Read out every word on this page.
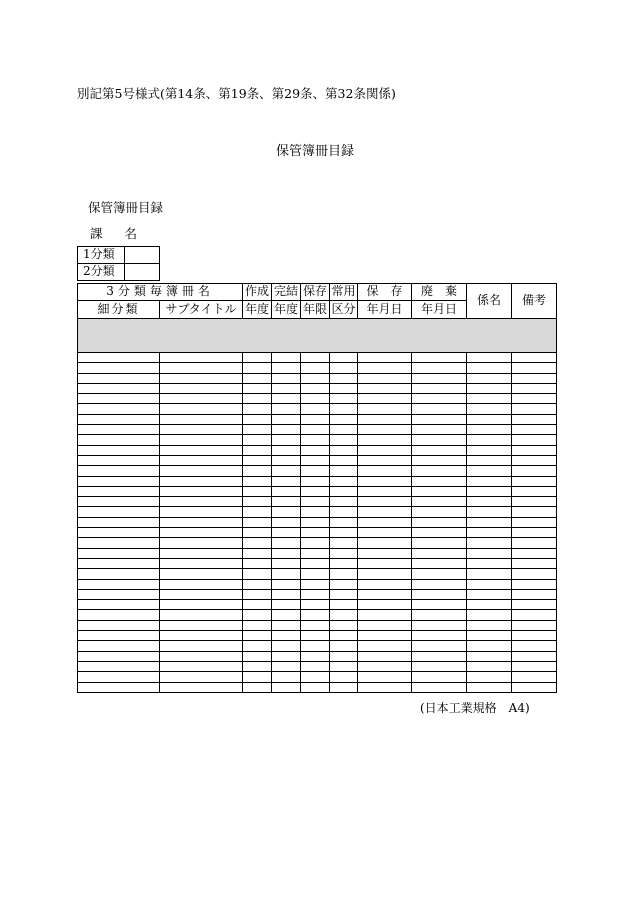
別記第5号様式(第14条、第19条、第29条、第32条関係)
保管簿冊目録
保管簿冊目録
課 名
1分類	
2分類	
3分類毎簿冊名		作成	完結	保存	常用	保　存	廃　棄	係名	備考
細分類	サブタイトル	年度	年度	年限	区分	年月日	年月日		

(日本工業規格　A4)
